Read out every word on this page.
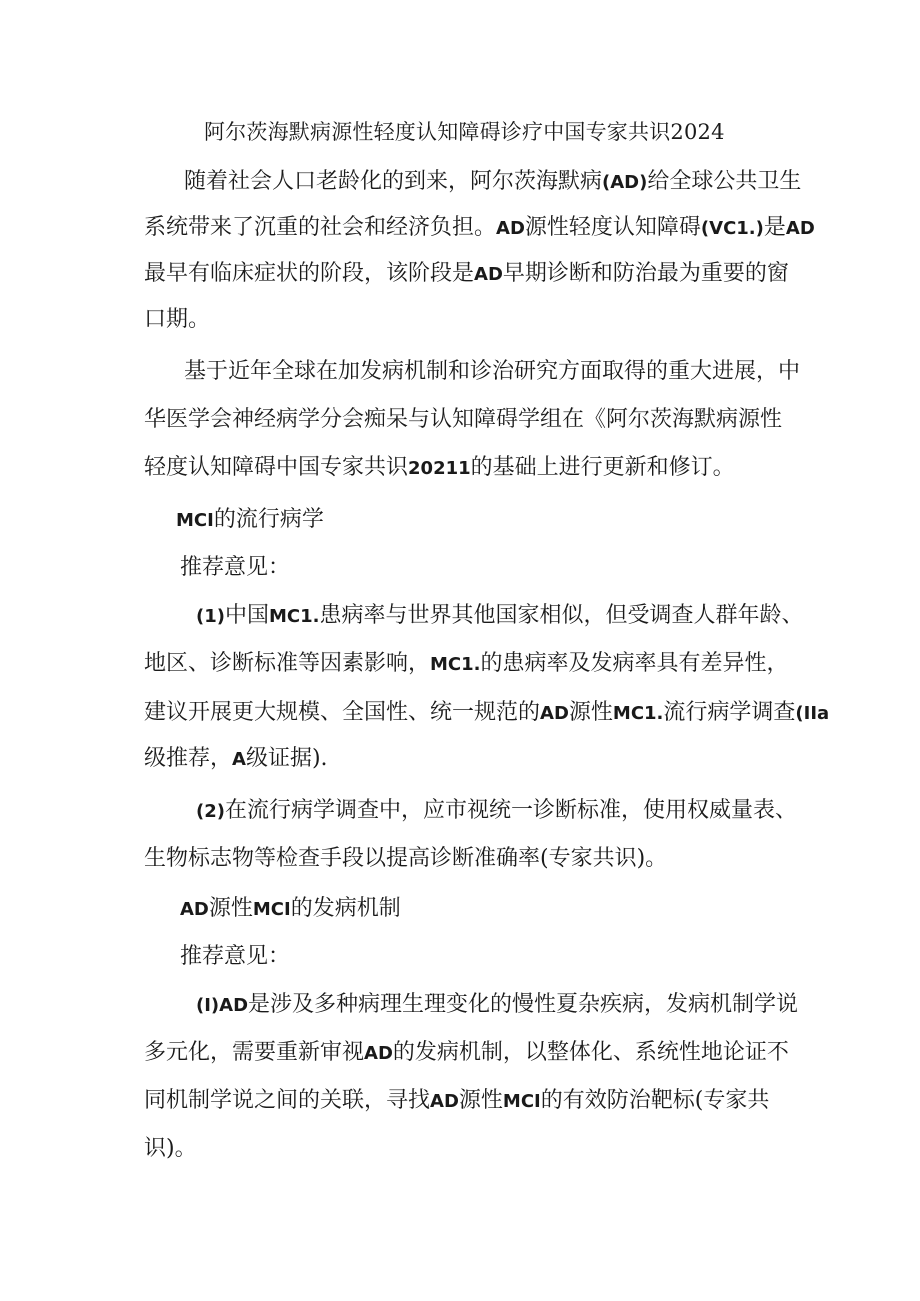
阿尔茨海默病源性轻度认知障碍诊疗中国专家共识2024

随着社会人口老龄化的到来，阿尔茨海默病(AD)给全球公共卫生

系统带来了沉重的社会和经济负担。AD源性轻度认知障碍(VC1.)是AD

最早有临床症状的阶段，该阶段是AD早期诊断和防治最为重要的窗

口期。

基于近年全球在加发病机制和诊治研究方面取得的重大进展，中

华医学会神经病学分会痴呆与认知障碍学组在《阿尔茨海默病源性

轻度认知障碍中国专家共识20211的基础上进行更新和修订。

MCI的流行病学

推荐意见：

(1)中国MC1.患病率与世界其他国家相似，但受调查人群年龄、

地区、诊断标准等因素影响，MC1.的患病率及发病率具有差异性，

建议开展更大规模、全国性、统一规范的AD源性MC1.流行病学调查(IIa

级推荐，A级证据).

(2)在流行病学调查中，应市视统一诊断标准，使用权威量表、

生物标志物等检查手段以提高诊断准确率(专家共识)。

AD源性MCI的发病机制

推荐意见：

(I)AD是涉及多种病理生理变化的慢性夏杂疾病，发病机制学说

多元化，需要重新审视AD的发病机制，以整体化、系统性地论证不

同机制学说之间的关联，寻找AD源性MCI的有效防治靶标(专家共

识)。
